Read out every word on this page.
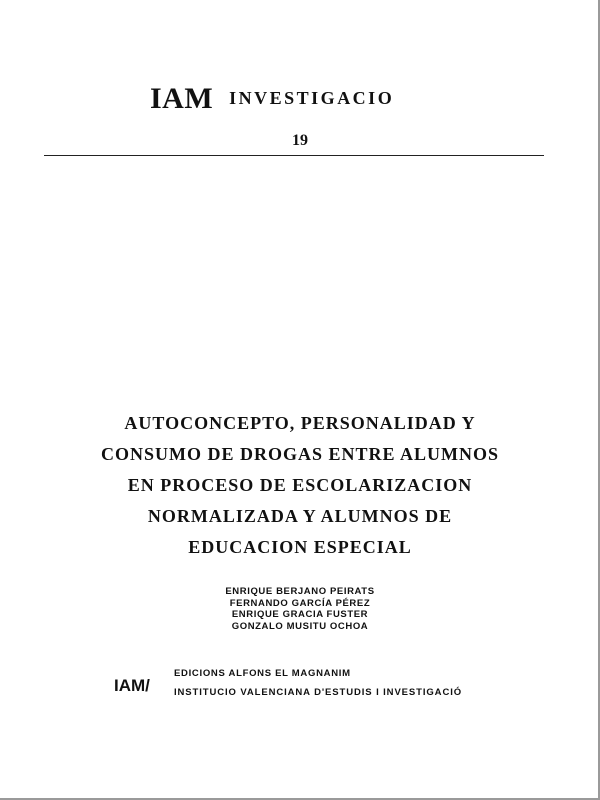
IAM INVESTIGACIO
19
AUTOCONCEPTO, PERSONALIDAD Y
CONSUMO DE DROGAS ENTRE ALUMNOS
EN PROCESO DE ESCOLARIZACION
NORMALIZADA Y ALUMNOS DE
EDUCACION ESPECIAL
ENRIQUE BERJANO PEIRATS
FERNANDO GARCÍA PÉREZ
ENRIQUE GRACIA FUSTER
GONZALO MUSITU OCHOA
IAM/
EDICIONS ALFONS EL MAGNANIM
INSTITUCIO VALENCIANA D'ESTUDIS I INVESTIGACIÓ
